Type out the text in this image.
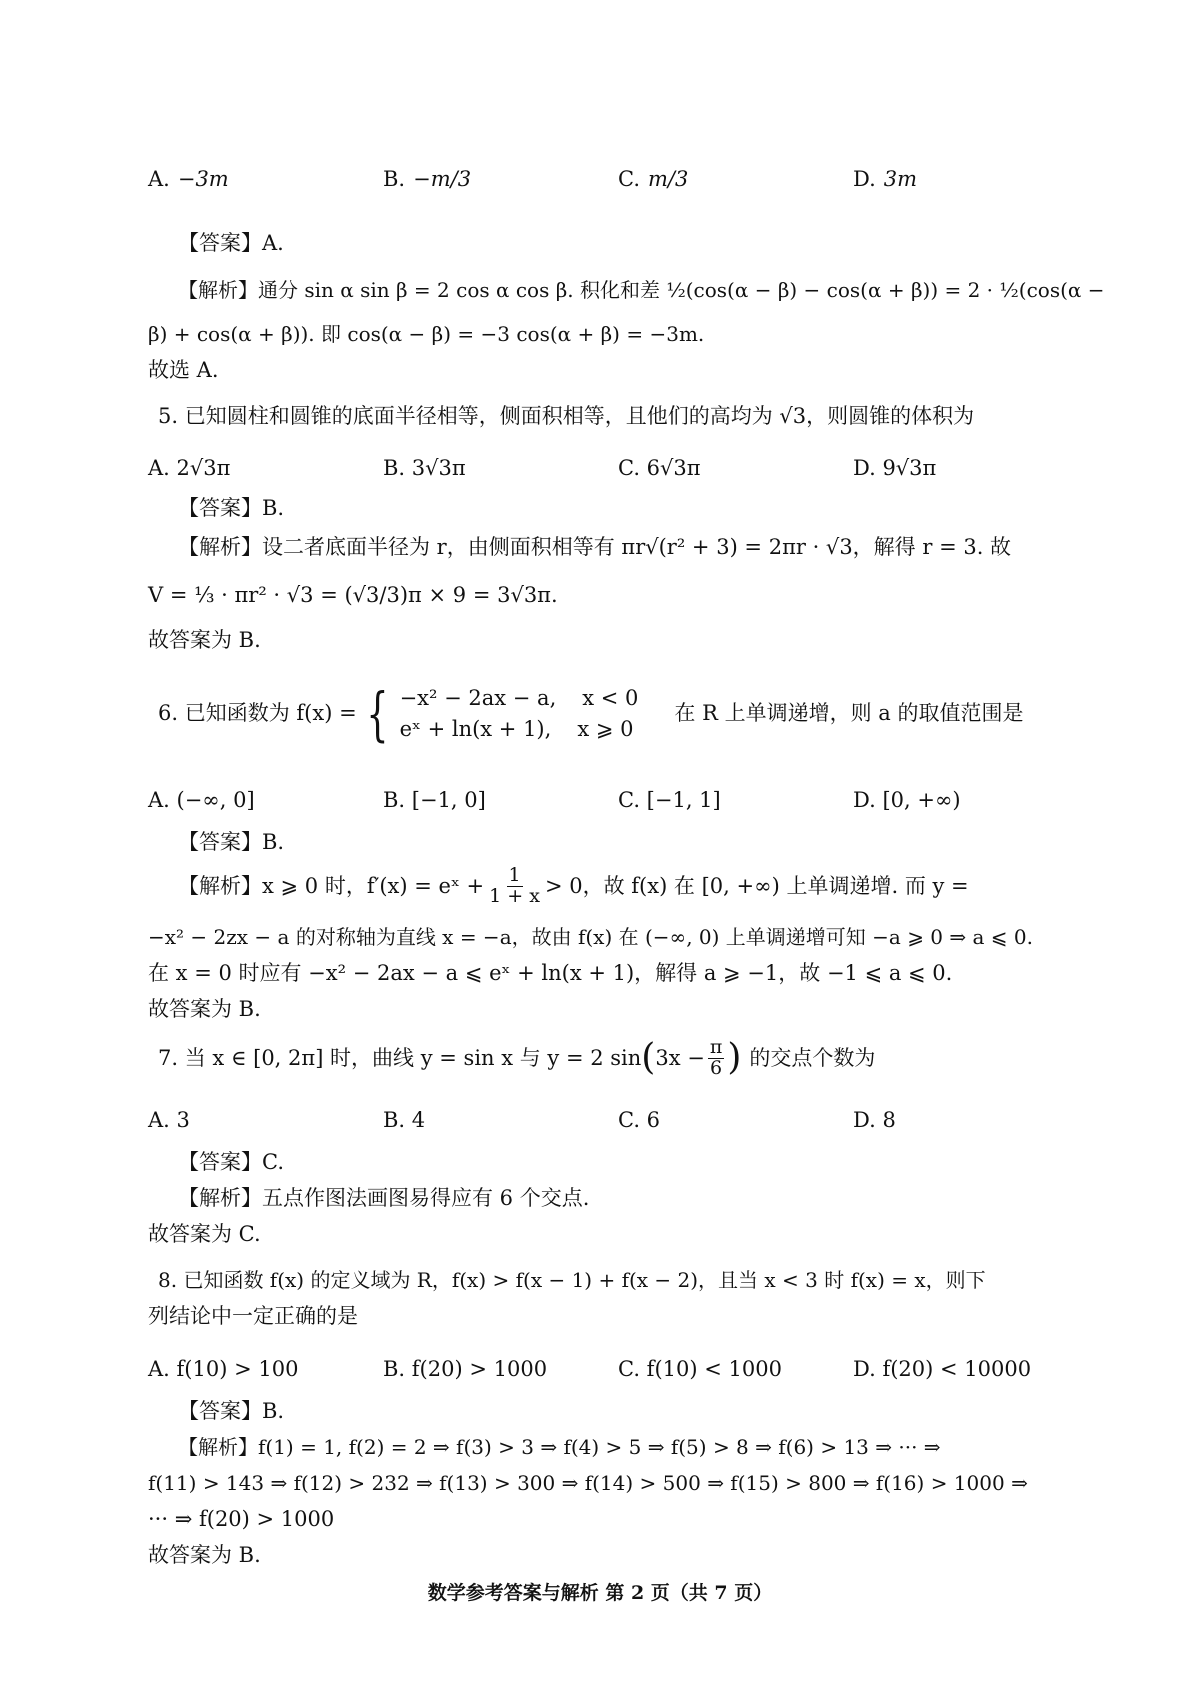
A. −3m	B. −m/3	C. m/3	D. 3m
【答案】A.
【解析】通分 sin α sin β = 2 cos α cos β. 积化和差 ½(cos(α − β) − cos(α + β)) = 2 · ½(cos(α −
β) + cos(α + β)). 即 cos(α − β) = −3 cos(α + β) = −3m.
故选 A.
5. 已知圆柱和圆锥的底面半径相等，侧面积相等，且他们的高均为 √3，则圆锥的体积为
A. 2√3π	B. 3√3π	C. 6√3π	D. 9√3π
【答案】B.
【解析】设二者底面半径为 r，由侧面积相等有 πr√(r² + 3) = 2πr · √3，解得 r = 3. 故
V = ⅓ · πr² · √3 = (√3/3)π × 9 = 3√3π.
故答案为 B.
6. 已知函数为 f(x) = { −x² − 2ax − a, x < 0
eˣ + ln(x + 1), x ⩾ 0
在 R 上单调递增，则 a 的取值范围是
A. (−∞, 0]	B. [−1, 0]	C. [−1, 1]	D. [0, +∞)
【答案】B.
【解析】x ⩾ 0 时，f′(x) = eˣ + $\frac{1}{1 + x} > 0$，故 f(x) 在 [0, +∞) 上单调递增. 而 y =
−x² − 2zx − a 的对称轴为直线 x = −a，故由 f(x) 在 (−∞, 0) 上单调递增可知 −a ⩾ 0 ⇒ a ⩽ 0.
在 x = 0 时应有 −x² − 2ax − a ⩽ eˣ + ln(x + 1)，解得 a ⩾ −1，故 −1 ⩽ a ⩽ 0.
故答案为 B.
7. 当 x ∈ [0, 2π] 时，曲线 y = sin x 与 y = 2 sin ( $3x - \frac{\pi}{6}$ ) 的交点个数为
A. 3	B. 4	C. 6	D. 8
【答案】C.
【解析】五点作图法画图易得应有 6 个交点.
故答案为 C.
8. 已知函数 f(x) 的定义域为 R，f(x) > f(x − 1) + f(x − 2)，且当 x < 3 时 f(x) = x，则下
列结论中一定正确的是
A. f(10) > 100	B. f(20) > 1000	C. f(10) < 1000	D. f(20) < 10000
【答案】B.
【解析】f(1) = 1, f(2) = 2 ⇒ f(3) > 3 ⇒ f(4) > 5 ⇒ f(5) > 8 ⇒ f(6) > 13 ⇒ ··· ⇒
f(11) > 143 ⇒ f(12) > 232 ⇒ f(13) > 300 ⇒ f(14) > 500 ⇒ f(15) > 800 ⇒ f(16) > 1000 ⇒
··· ⇒ f(20) > 1000
故答案为 B.
数学参考答案与解析 第 2 页（共 7 页）
